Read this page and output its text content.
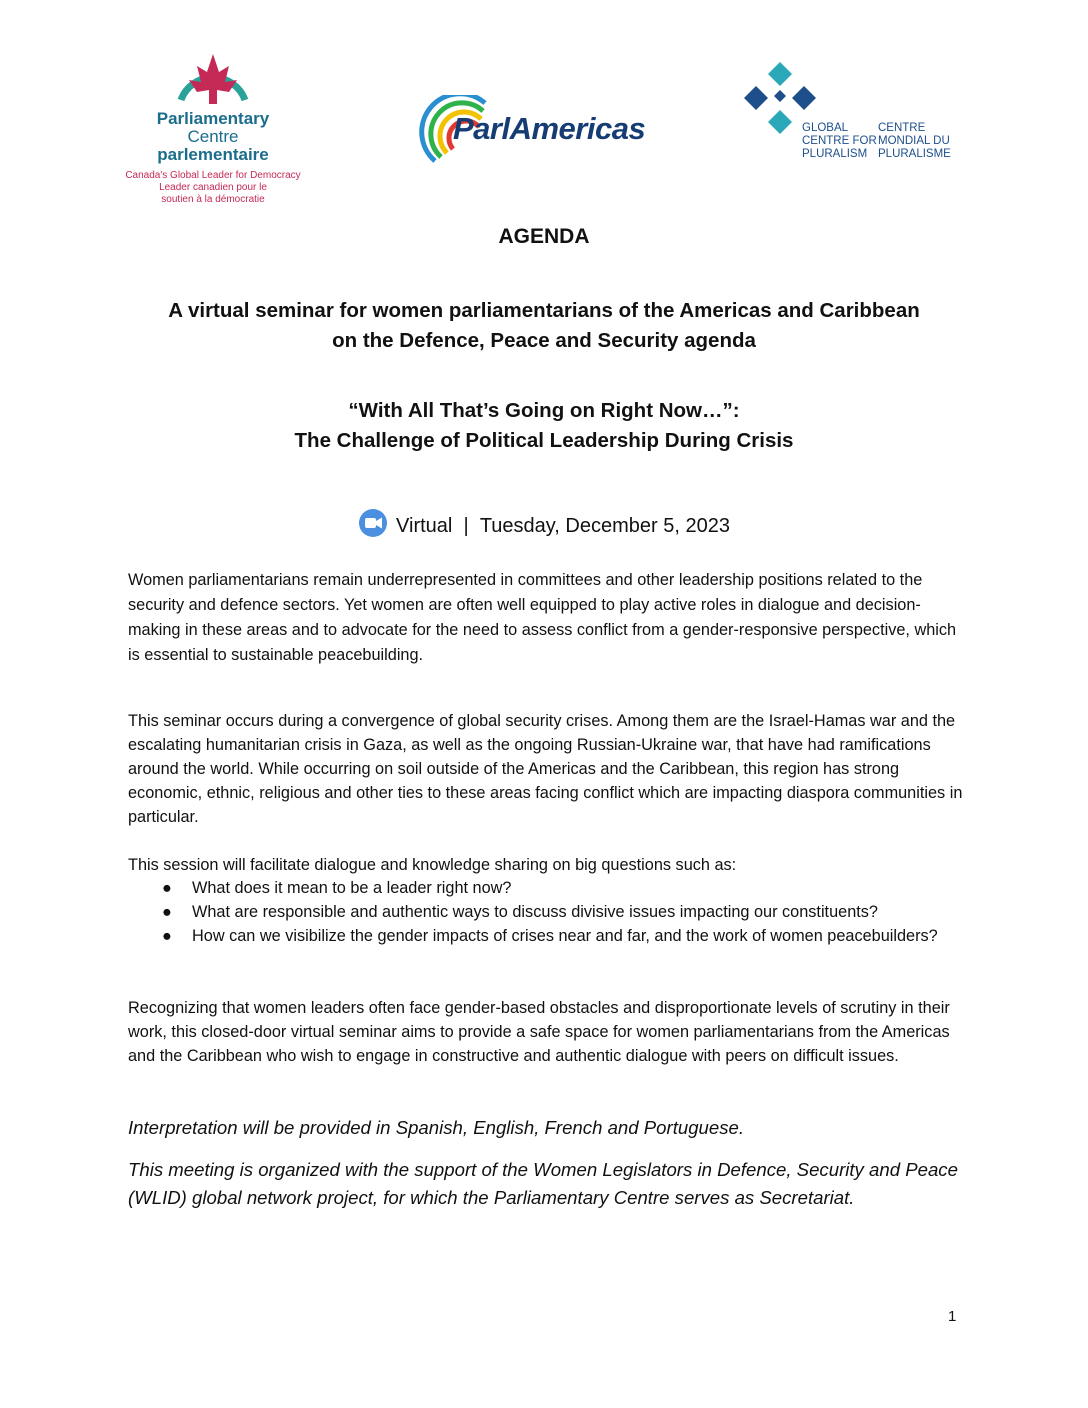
Parliamentary
Centre
parlementaire
Canada's Global Leader for Democracy
Leader canadien pour le soutien à la démocratie
ParlAmericas	GLOBAL
CENTRE FOR
PLURALISM
CENTRE
MONDIAL DU
PLURALISME
AGENDA
A virtual seminar for women parliamentarians of the Americas and Caribbean
on the Defence, Peace and Security agenda
“With All That’s Going on Right Now…”:
The Challenge of Political Leadership During Crisis
Virtual | Tuesday, December 5, 2023
Women parliamentarians remain underrepresented in committees and other leadership positions related to the security and defence sectors. Yet women are often well equipped to play active roles in dialogue and decision-making in these areas and to advocate for the need to assess conflict from a gender-responsive perspective, which is essential to sustainable peacebuilding.
This seminar occurs during a convergence of global security crises. Among them are the Israel-Hamas war and the escalating humanitarian crisis in Gaza, as well as the ongoing Russian-Ukraine war, that have had ramifications around the world. While occurring on soil outside of the Americas and the Caribbean, this region has strong economic, ethnic, religious and other ties to these areas facing conflict which are impacting diaspora communities in particular.
This session will facilitate dialogue and knowledge sharing on big questions such as:
● What does it mean to be a leader right now?
● What are responsible and authentic ways to discuss divisive issues impacting our constituents?
● How can we visibilize the gender impacts of crises near and far, and the work of women peacebuilders?
Recognizing that women leaders often face gender-based obstacles and disproportionate levels of scrutiny in their work, this closed-door virtual seminar aims to provide a safe space for women parliamentarians from the Americas and the Caribbean who wish to engage in constructive and authentic dialogue with peers on difficult issues.
Interpretation will be provided in Spanish, English, French and Portuguese.
This meeting is organized with the support of the Women Legislators in Defence, Security and Peace (WLID) global network project, for which the Parliamentary Centre serves as Secretariat.
1
